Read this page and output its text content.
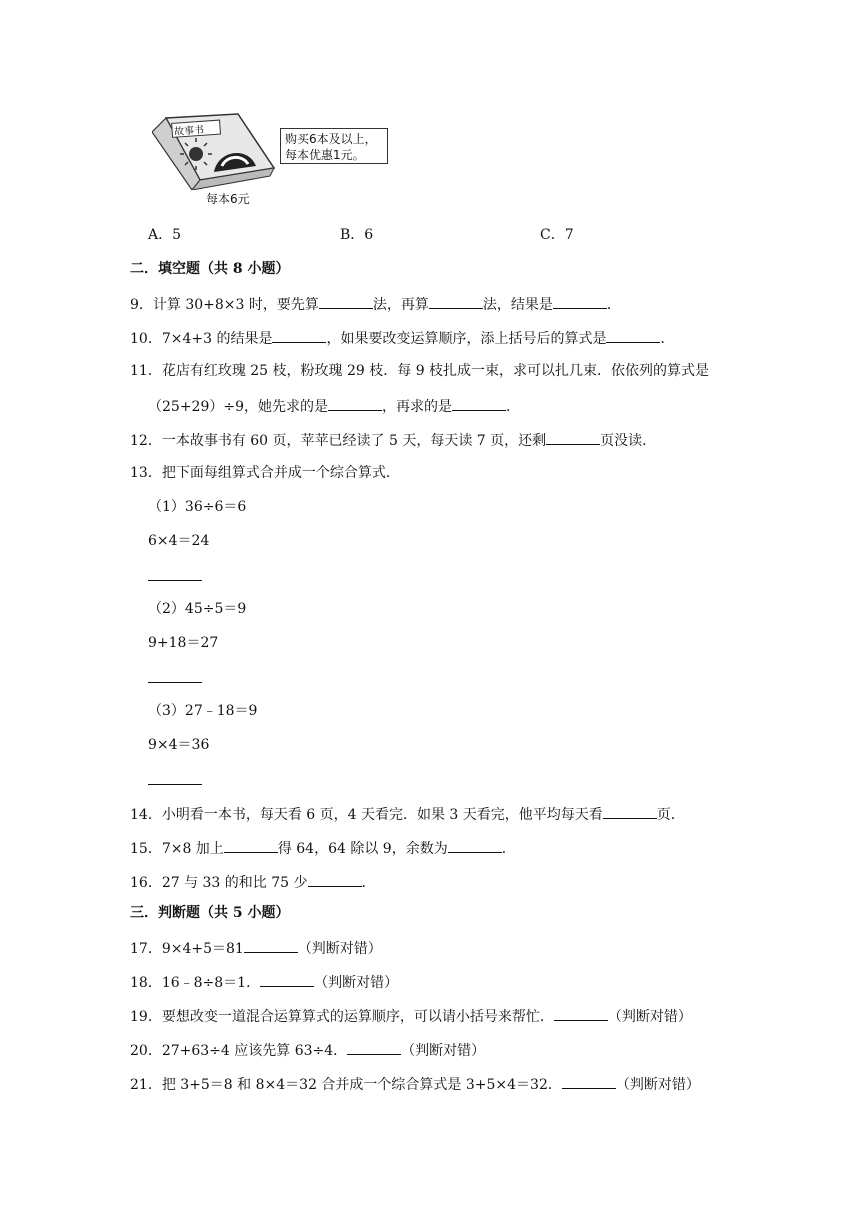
故事书
每本6元
购买6本及以上，
每本优惠1元。
A．5	B．6	C．7
二．填空题（共 8 小题）
9．计算 30+8×3 时，要先算	法，再算	法，结果是	．
10．7×4+3 的结果是	，如果要改变运算顺序，添上括号后的算式是	．
11．花店有红玫瑰 25 枝，粉玫瑰 29 枝．每 9 枝扎成一束，求可以扎几束．依依列的算式是
（25+29）÷9，她先求的是	，再求的是	．
12．一本故事书有 60 页，苹苹已经读了 5 天，每天读 7 页，还剩	页没读．
13．把下面每组算式合并成一个综合算式．
（1）36÷6＝6
6×4＝24
（2）45÷5＝9
9+18＝27
（3）27﹣18＝9
9×4＝36
14．小明看一本书，每天看 6 页，4 天看完．如果 3 天看完，他平均每天看	页．
15．7×8 加上	得 64，64 除以 9，余数为	．
16．27 与 33 的和比 75 少	．
三．判断题（共 5 小题）
17．9×4+5＝81	（判断对错）
18．16﹣8÷8＝1．	（判断对错）
19．要想改变一道混合运算算式的运算顺序，可以请小括号来帮忙．	（判断对错）
20．27+63÷4 应该先算 63÷4．	（判断对错）
21．把 3+5＝8 和 8×4＝32 合并成一个综合算式是 3+5×4＝32．	（判断对错）
